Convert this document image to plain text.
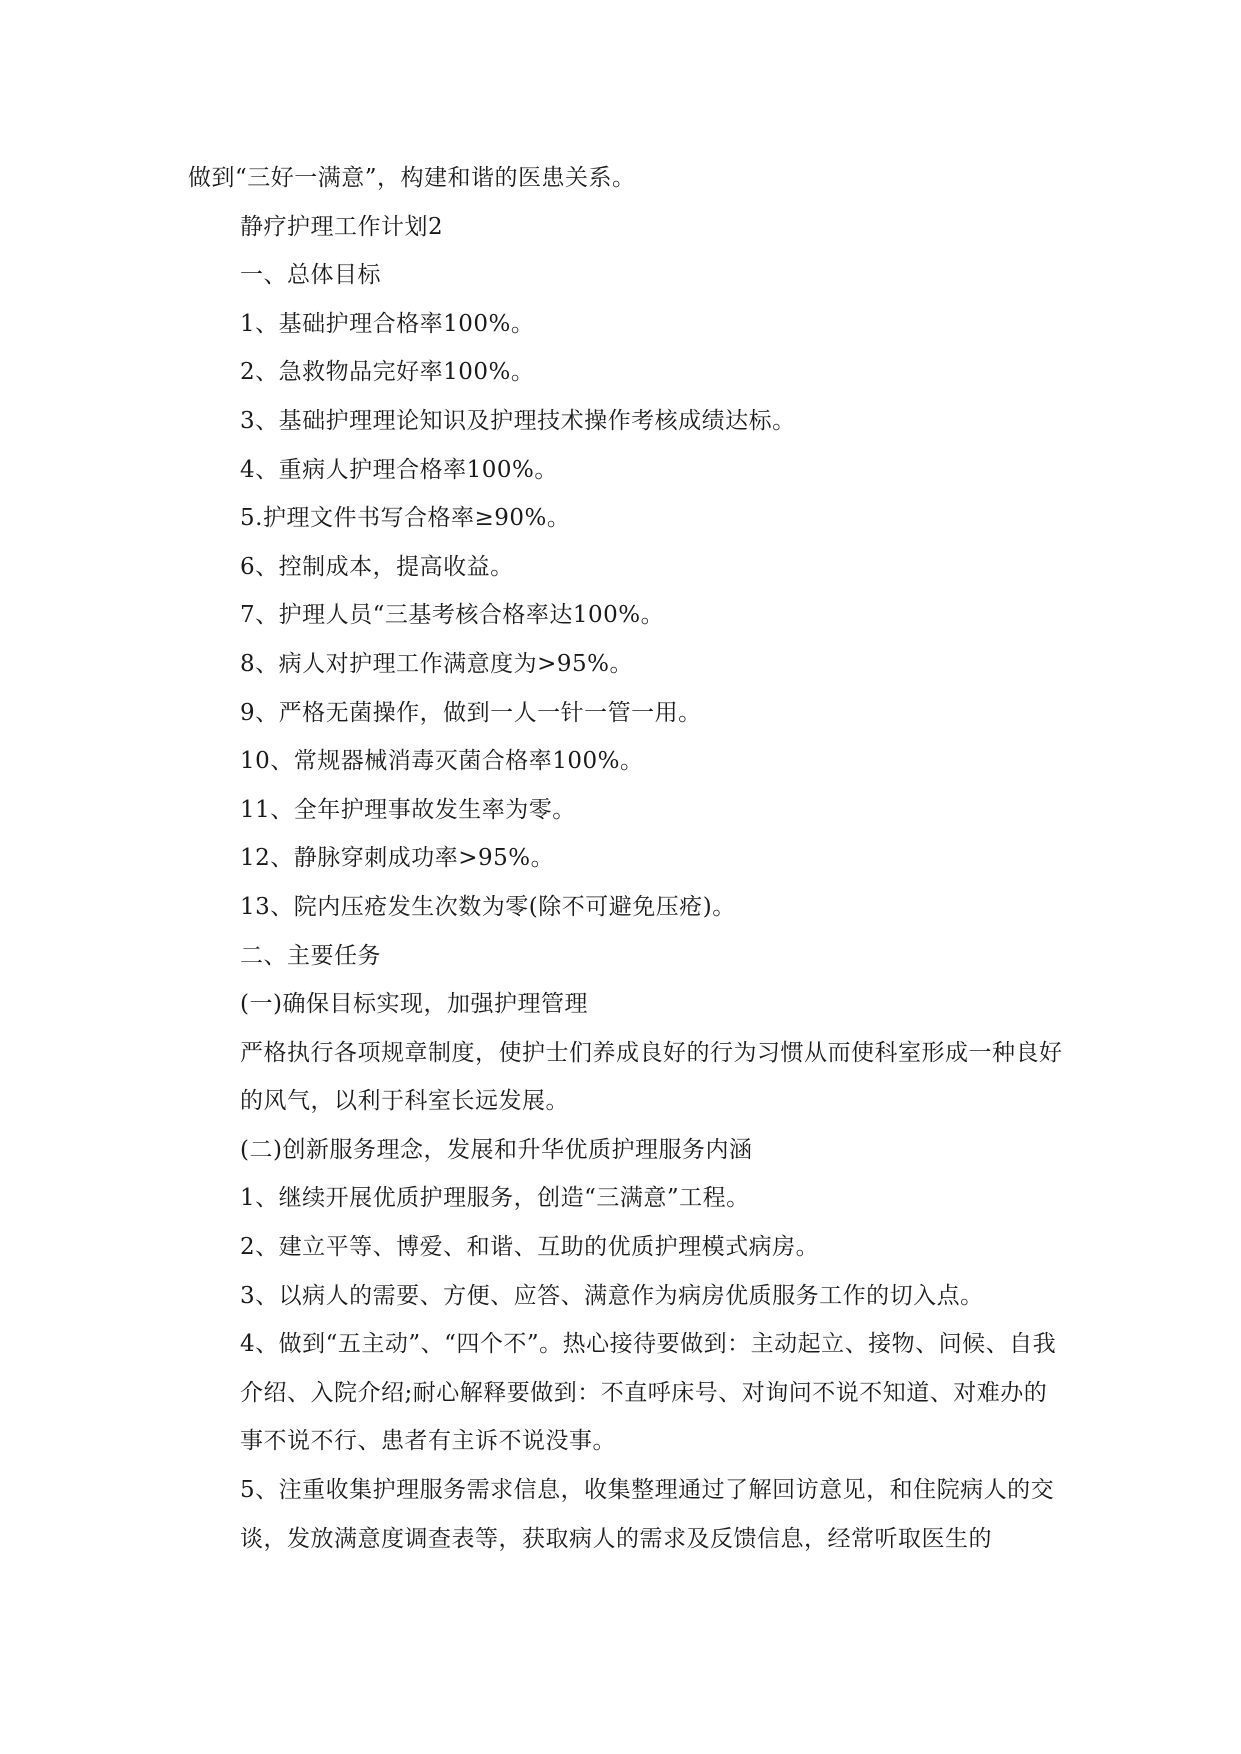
做到“三好一满意”，构建和谐的医患关系。

静疗护理工作计划2

一、总体目标

1、基础护理合格率100%。

2、急救物品完好率100%。

3、基础护理理论知识及护理技术操作考核成绩达标。

4、重病人护理合格率100%。

5.护理文件书写合格率≥90%。

6、控制成本，提高收益。

7、护理人员“三基考核合格率达100%。

8、病人对护理工作满意度为>95%。

9、严格无菌操作，做到一人一针一管一用。

10、常规器械消毒灭菌合格率100%。

11、全年护理事故发生率为零。

12、静脉穿刺成功率>95%。

13、院内压疮发生次数为零(除不可避免压疮)。

二、主要任务

(一)确保目标实现，加强护理管理

严格执行各项规章制度，使护士们养成良好的行为习惯从而使科室形成一种良好的风气，以利于科室长远发展。

(二)创新服务理念，发展和升华优质护理服务内涵

1、继续开展优质护理服务，创造“三满意”工程。

2、建立平等、博爱、和谐、互助的优质护理模式病房。

3、以病人的需要、方便、应答、满意作为病房优质服务工作的切入点。

4、做到“五主动”、“四个不”。热心接待要做到：主动起立、接物、问候、自我介绍、入院介绍;耐心解释要做到：不直呼床号、对询问不说不知道、对难办的事不说不行、患者有主诉不说没事。

5、注重收集护理服务需求信息，收集整理通过了解回访意见，和住院病人的交谈，发放满意度调查表等，获取病人的需求及反馈信息，经常听取医生的
